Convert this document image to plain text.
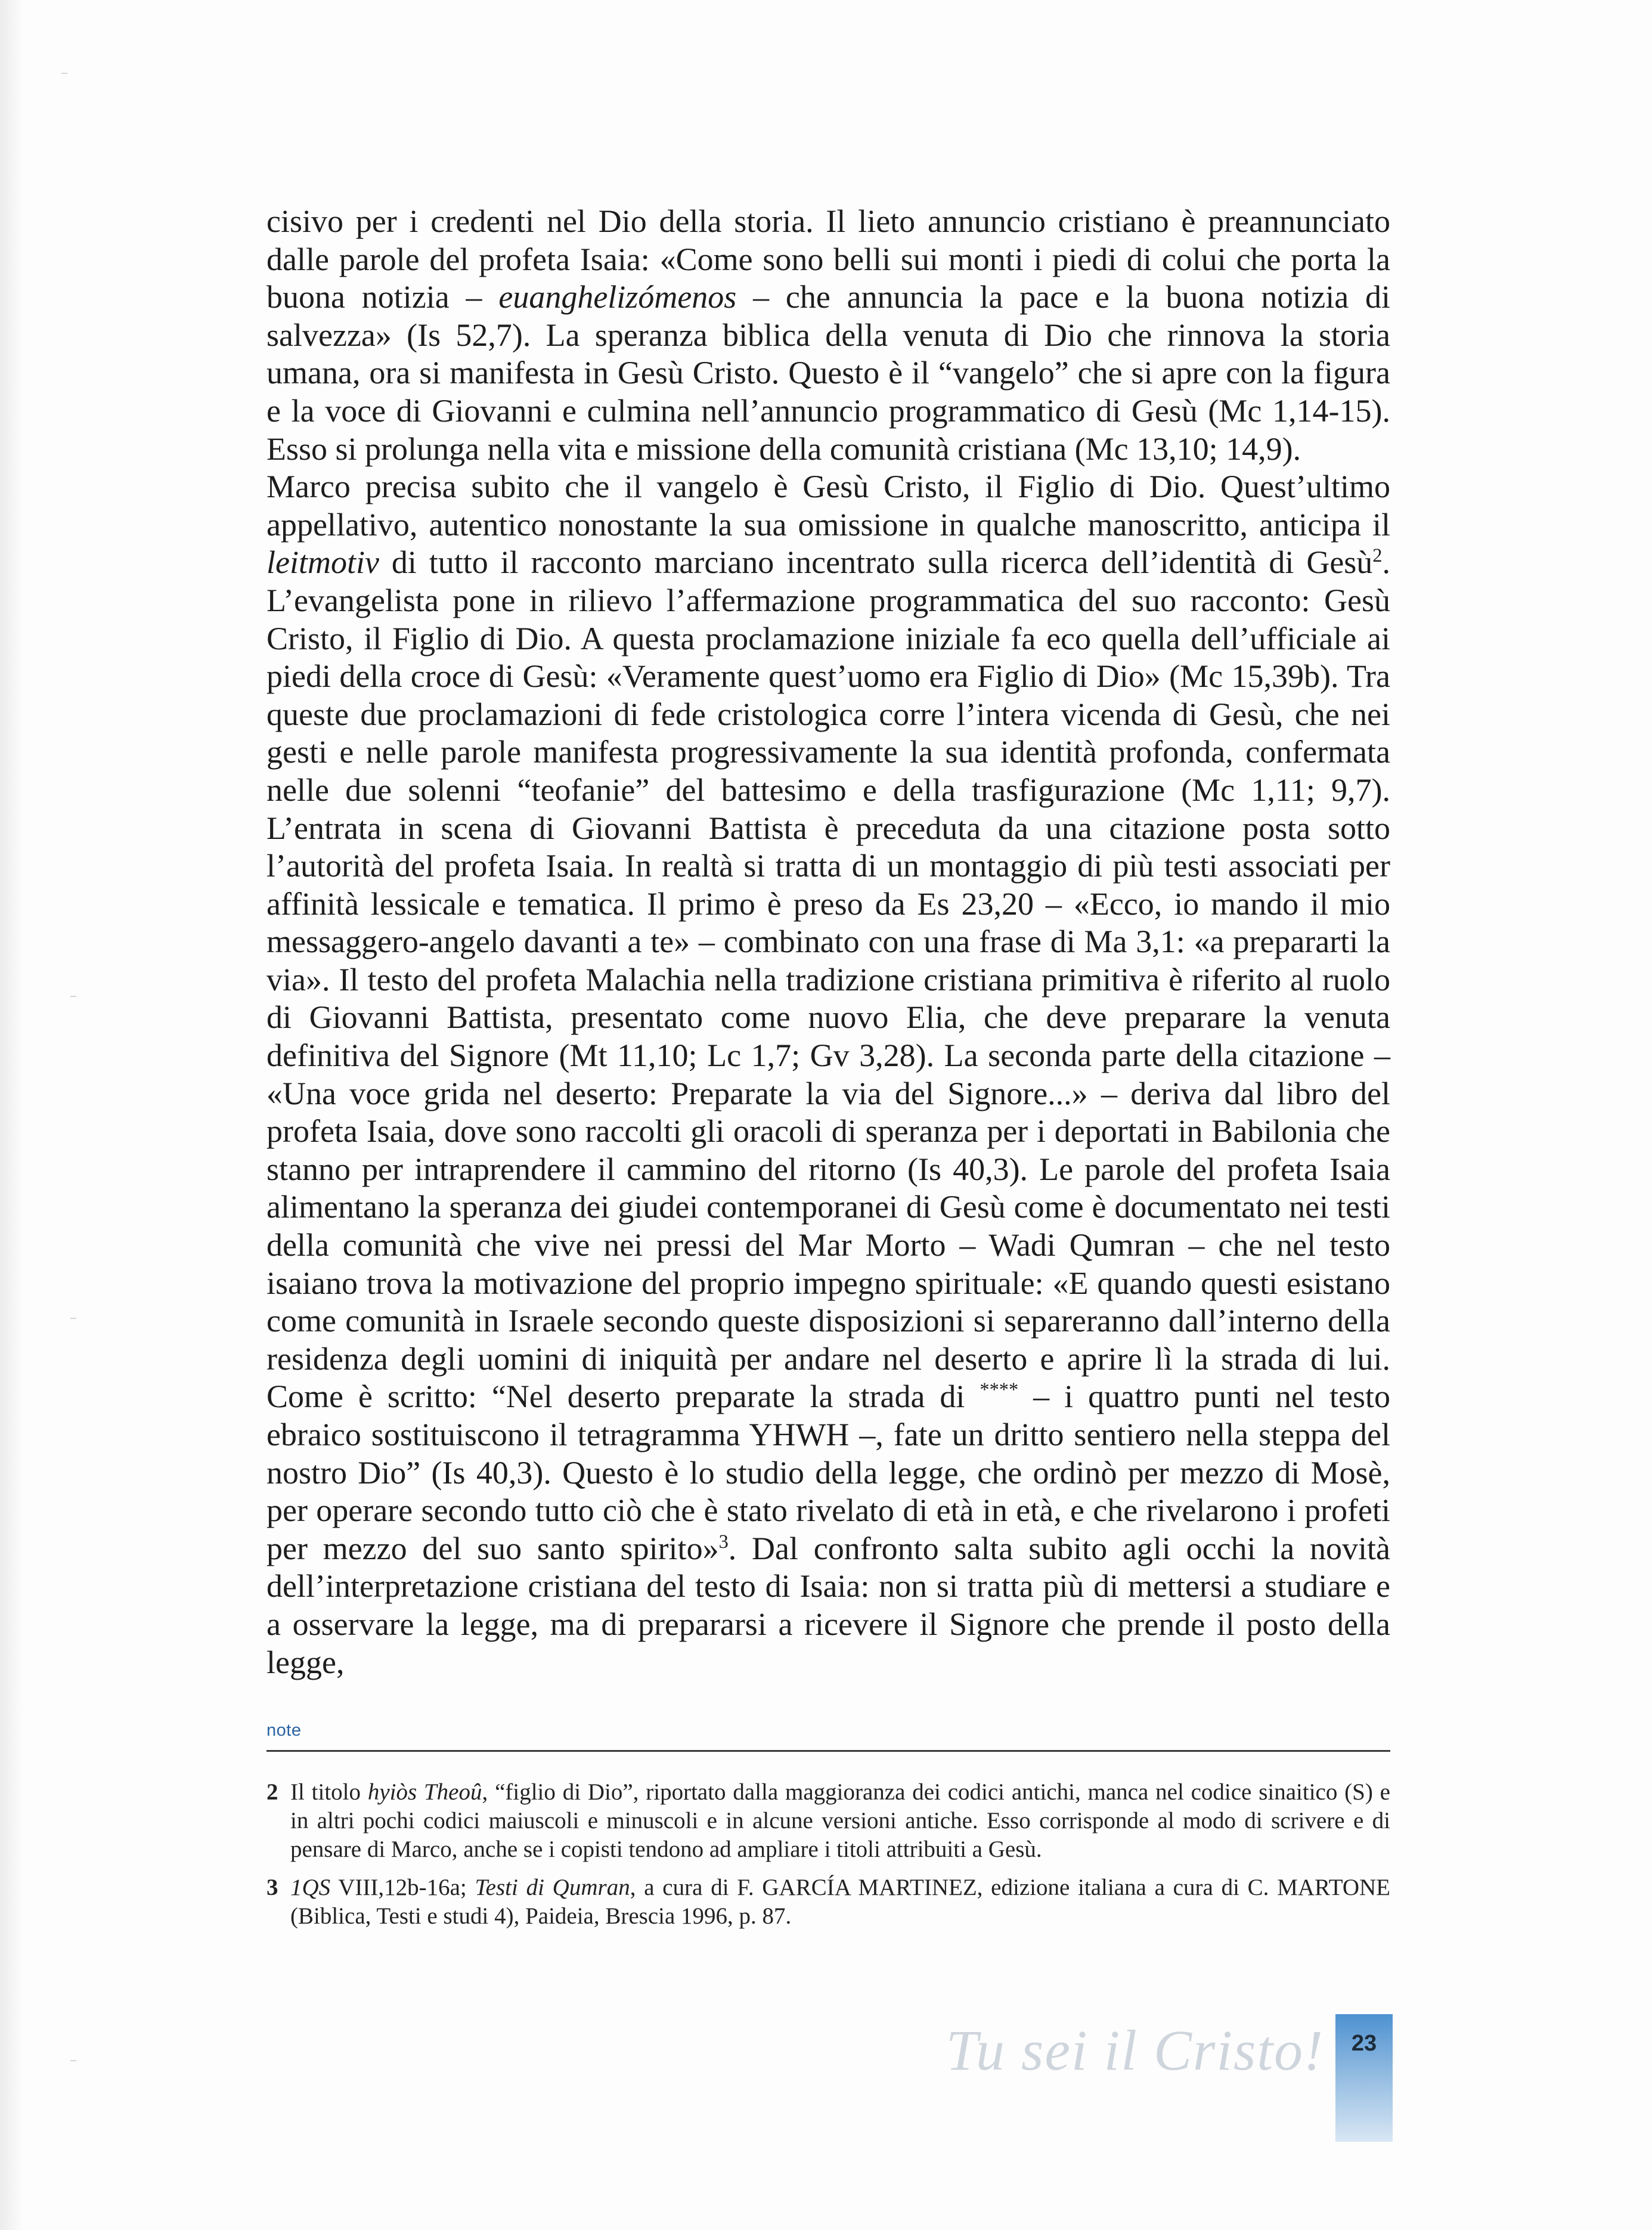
cisivo per i credenti nel Dio della storia. Il lieto annuncio cristiano è preannunciato dalle parole del profeta Isaia: «Come sono belli sui monti i piedi di colui che porta la buona notizia – euanghelizómenos – che annuncia la pace e la buona notizia di salvezza» (Is 52,7). La speranza biblica della venuta di Dio che rinnova la storia umana, ora si manifesta in Gesù Cristo. Questo è il “vangelo” che si apre con la figura e la voce di Giovanni e culmina nell’annuncio programmatico di Gesù (Mc 1,14-15). Esso si prolunga nella vita e missione della comunità cristiana (Mc 13,10; 14,9).

Marco precisa subito che il vangelo è Gesù Cristo, il Figlio di Dio. Quest’ultimo appellativo, autentico nonostante la sua omissione in qualche manoscritto, anticipa il leitmotiv di tutto il racconto marciano incentrato sulla ricerca dell’identità di Gesù$^2$. L’evangelista pone in rilievo l’affermazione programmatica del suo racconto: Gesù Cristo, il Figlio di Dio. A questa proclamazione iniziale fa eco quella dell’ufficiale ai piedi della croce di Gesù: «Veramente quest’uomo era Figlio di Dio» (Mc 15,39b). Tra queste due proclamazioni di fede cristologica corre l’intera vicenda di Gesù, che nei gesti e nelle parole manifesta progressivamente la sua identità profonda, confermata nelle due solenni “teofanie” del battesimo e della trasfigurazione (Mc 1,11; 9,7). L’entrata in scena di Giovanni Battista è preceduta da una citazione posta sotto l’autorità del profeta Isaia. In realtà si tratta di un montaggio di più testi associati per affinità lessicale e tematica. Il primo è preso da Es 23,20 – «Ecco, io mando il mio messaggero-angelo davanti a te» – combinato con una frase di Ma 3,1: «a prepararti la via». Il testo del profeta Malachia nella tradizione cristiana primitiva è riferito al ruolo di Giovanni Battista, presentato come nuovo Elia, che deve preparare la venuta definitiva del Signore (Mt 11,10; Lc 1,7; Gv 3,28). La seconda parte della citazione – «Una voce grida nel deserto: Preparate la via del Signore...» – deriva dal libro del profeta Isaia, dove sono raccolti gli oracoli di speranza per i deportati in Babilonia che stanno per intraprendere il cammino del ritorno (Is 40,3). Le parole del profeta Isaia alimentano la speranza dei giudei contemporanei di Gesù come è documentato nei testi della comunità che vive nei pressi del Mar Morto – Wadi Qumran – che nel testo isaiano trova la motivazione del proprio impegno spirituale: «E quando questi esistano come comunità in Israele secondo queste disposizioni si separeranno dall’interno della residenza degli uomini di iniquità per andare nel deserto e aprire lì la strada di lui. Come è scritto: “Nel deserto preparate la strada di **** – i quattro punti nel testo ebraico sostituiscono il tetragramma YHWH –, fate un dritto sentiero nella steppa del nostro Dio” (Is 40,3). Questo è lo studio della legge, che ordinò per mezzo di Mosè, per operare secondo tutto ciò che è stato rivelato di età in età, e che rivelarono i profeti per mezzo del suo santo spirito»$^3$. Dal confronto salta subito agli occhi la novità dell’interpretazione cristiana del testo di Isaia: non si tratta più di mettersi a studiare e a osservare la legge, ma di prepararsi a ricevere il Signore che prende il posto della legge,

note
2 Il titolo hyiòs Theoû, “figlio di Dio”, riportato dalla maggioranza dei codici antichi, manca nel codice sinaitico (S) e in altri pochi codici maiuscoli e minuscoli e in alcune versioni antiche. Esso corrisponde al modo di scrivere e di pensare di Marco, anche se i copisti tendono ad ampliare i titoli attribuiti a Gesù.
3 1QS VIII,12b-16a; Testi di Qumran, a cura di F. GARCÍA MARTINEZ, edizione italiana a cura di C. MARTONE (Biblica, Testi e studi 4), Paideia, Brescia 1996, p. 87.
Tu sei il Cristo!	23
